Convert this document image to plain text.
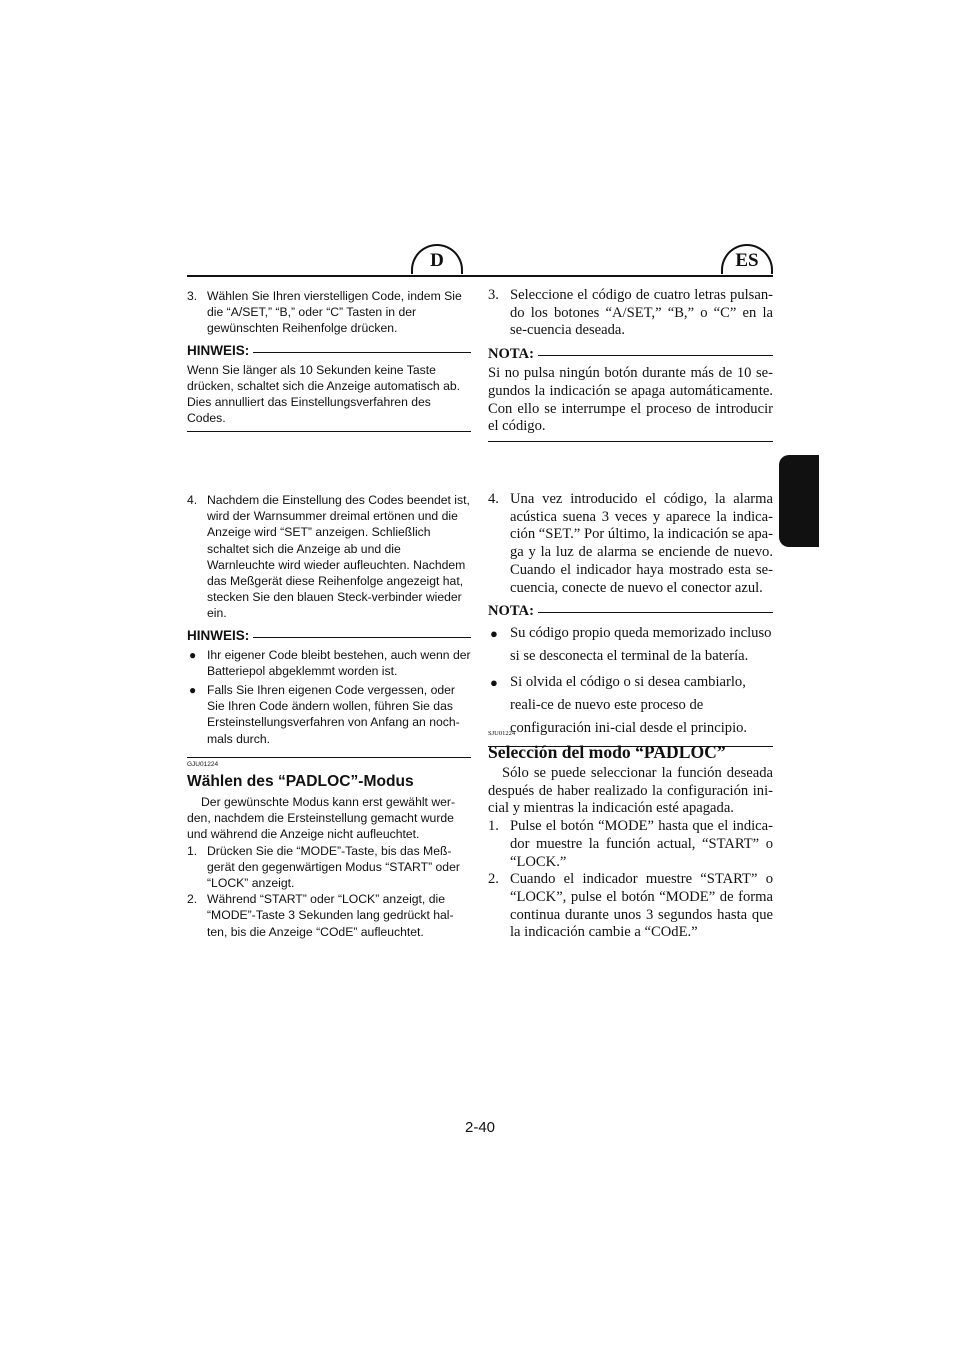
D	ES

3. Wählen Sie Ihren vierstelligen Code, indem Sie die “A/SET,” “B,” oder “C” Tasten in der gewünschten Reihenfolge drücken.

HINWEIS:

Wenn Sie länger als 10 Sekunden keine Taste drücken, schaltet sich die Anzeige automatisch ab. Dies annulliert das Einstellungsverfahren des Codes.

4. Nachdem die Einstellung des Codes beendet ist, wird der Warnsummer dreimal ertönen und die Anzeige wird “SET” anzeigen. Schließlich schaltet sich die Anzeige ab und die Warnleuchte wird wieder aufleuchten. Nachdem das Meßgerät diese Reihenfolge angezeigt hat, stecken Sie den blauen Steck-verbinder wieder ein.

HINWEIS:

● Ihr eigener Code bleibt bestehen, auch wenn der Batteriepol abgeklemmt worden ist.

● Falls Sie Ihren eigenen Code vergessen, oder Sie Ihren Code ändern wollen, führen Sie das Ersteinstellungsverfahren von Anfang an noch-mals durch.

GJU01224

Wählen des “PADLOC”-Modus

Der gewünschte Modus kann erst gewählt wer-den, nachdem die Ersteinstellung gemacht wurde und während die Anzeige nicht aufleuchtet.

1. Drücken Sie die “MODE”-Taste, bis das Meß-gerät den gegenwärtigen Modus “START” oder “LOCK” anzeigt.

2. Während “START” oder “LOCK” anzeigt, die “MODE”-Taste 3 Sekunden lang gedrückt hal-ten, bis die Anzeige “COdE” aufleuchtet.

3. Seleccione el código de cuatro letras pulsan-do los botones “A/SET,” “B,” o “C” en la se-cuencia deseada.

NOTA:

Si no pulsa ningún botón durante más de 10 se-gundos la indicación se apaga automáticamente. Con ello se interrumpe el proceso de introducir el código.

4. Una vez introducido el código, la alarma acústica suena 3 veces y aparece la indica-ción “SET.” Por último, la indicación se apa-ga y la luz de alarma se enciende de nuevo. Cuando el indicador haya mostrado esta se-cuencia, conecte de nuevo el conector azul.

NOTA:

● Su código propio queda memorizado incluso si se desconecta el terminal de la batería.

● Si olvida el código o si desea cambiarlo, reali-ce de nuevo este proceso de configuración ini-cial desde el principio.

SJU01224

Selección del modo “PADLOC”

Sólo se puede seleccionar la función deseada después de haber realizado la configuración ini-cial y mientras la indicación esté apagada.

1. Pulse el botón “MODE” hasta que el indica-dor muestre la función actual, “START” o “LOCK.”

2. Cuando el indicador muestre “START” o “LOCK”, pulse el botón “MODE” de forma continua durante unos 3 segundos hasta que la indicación cambie a “COdE.”

2-40
